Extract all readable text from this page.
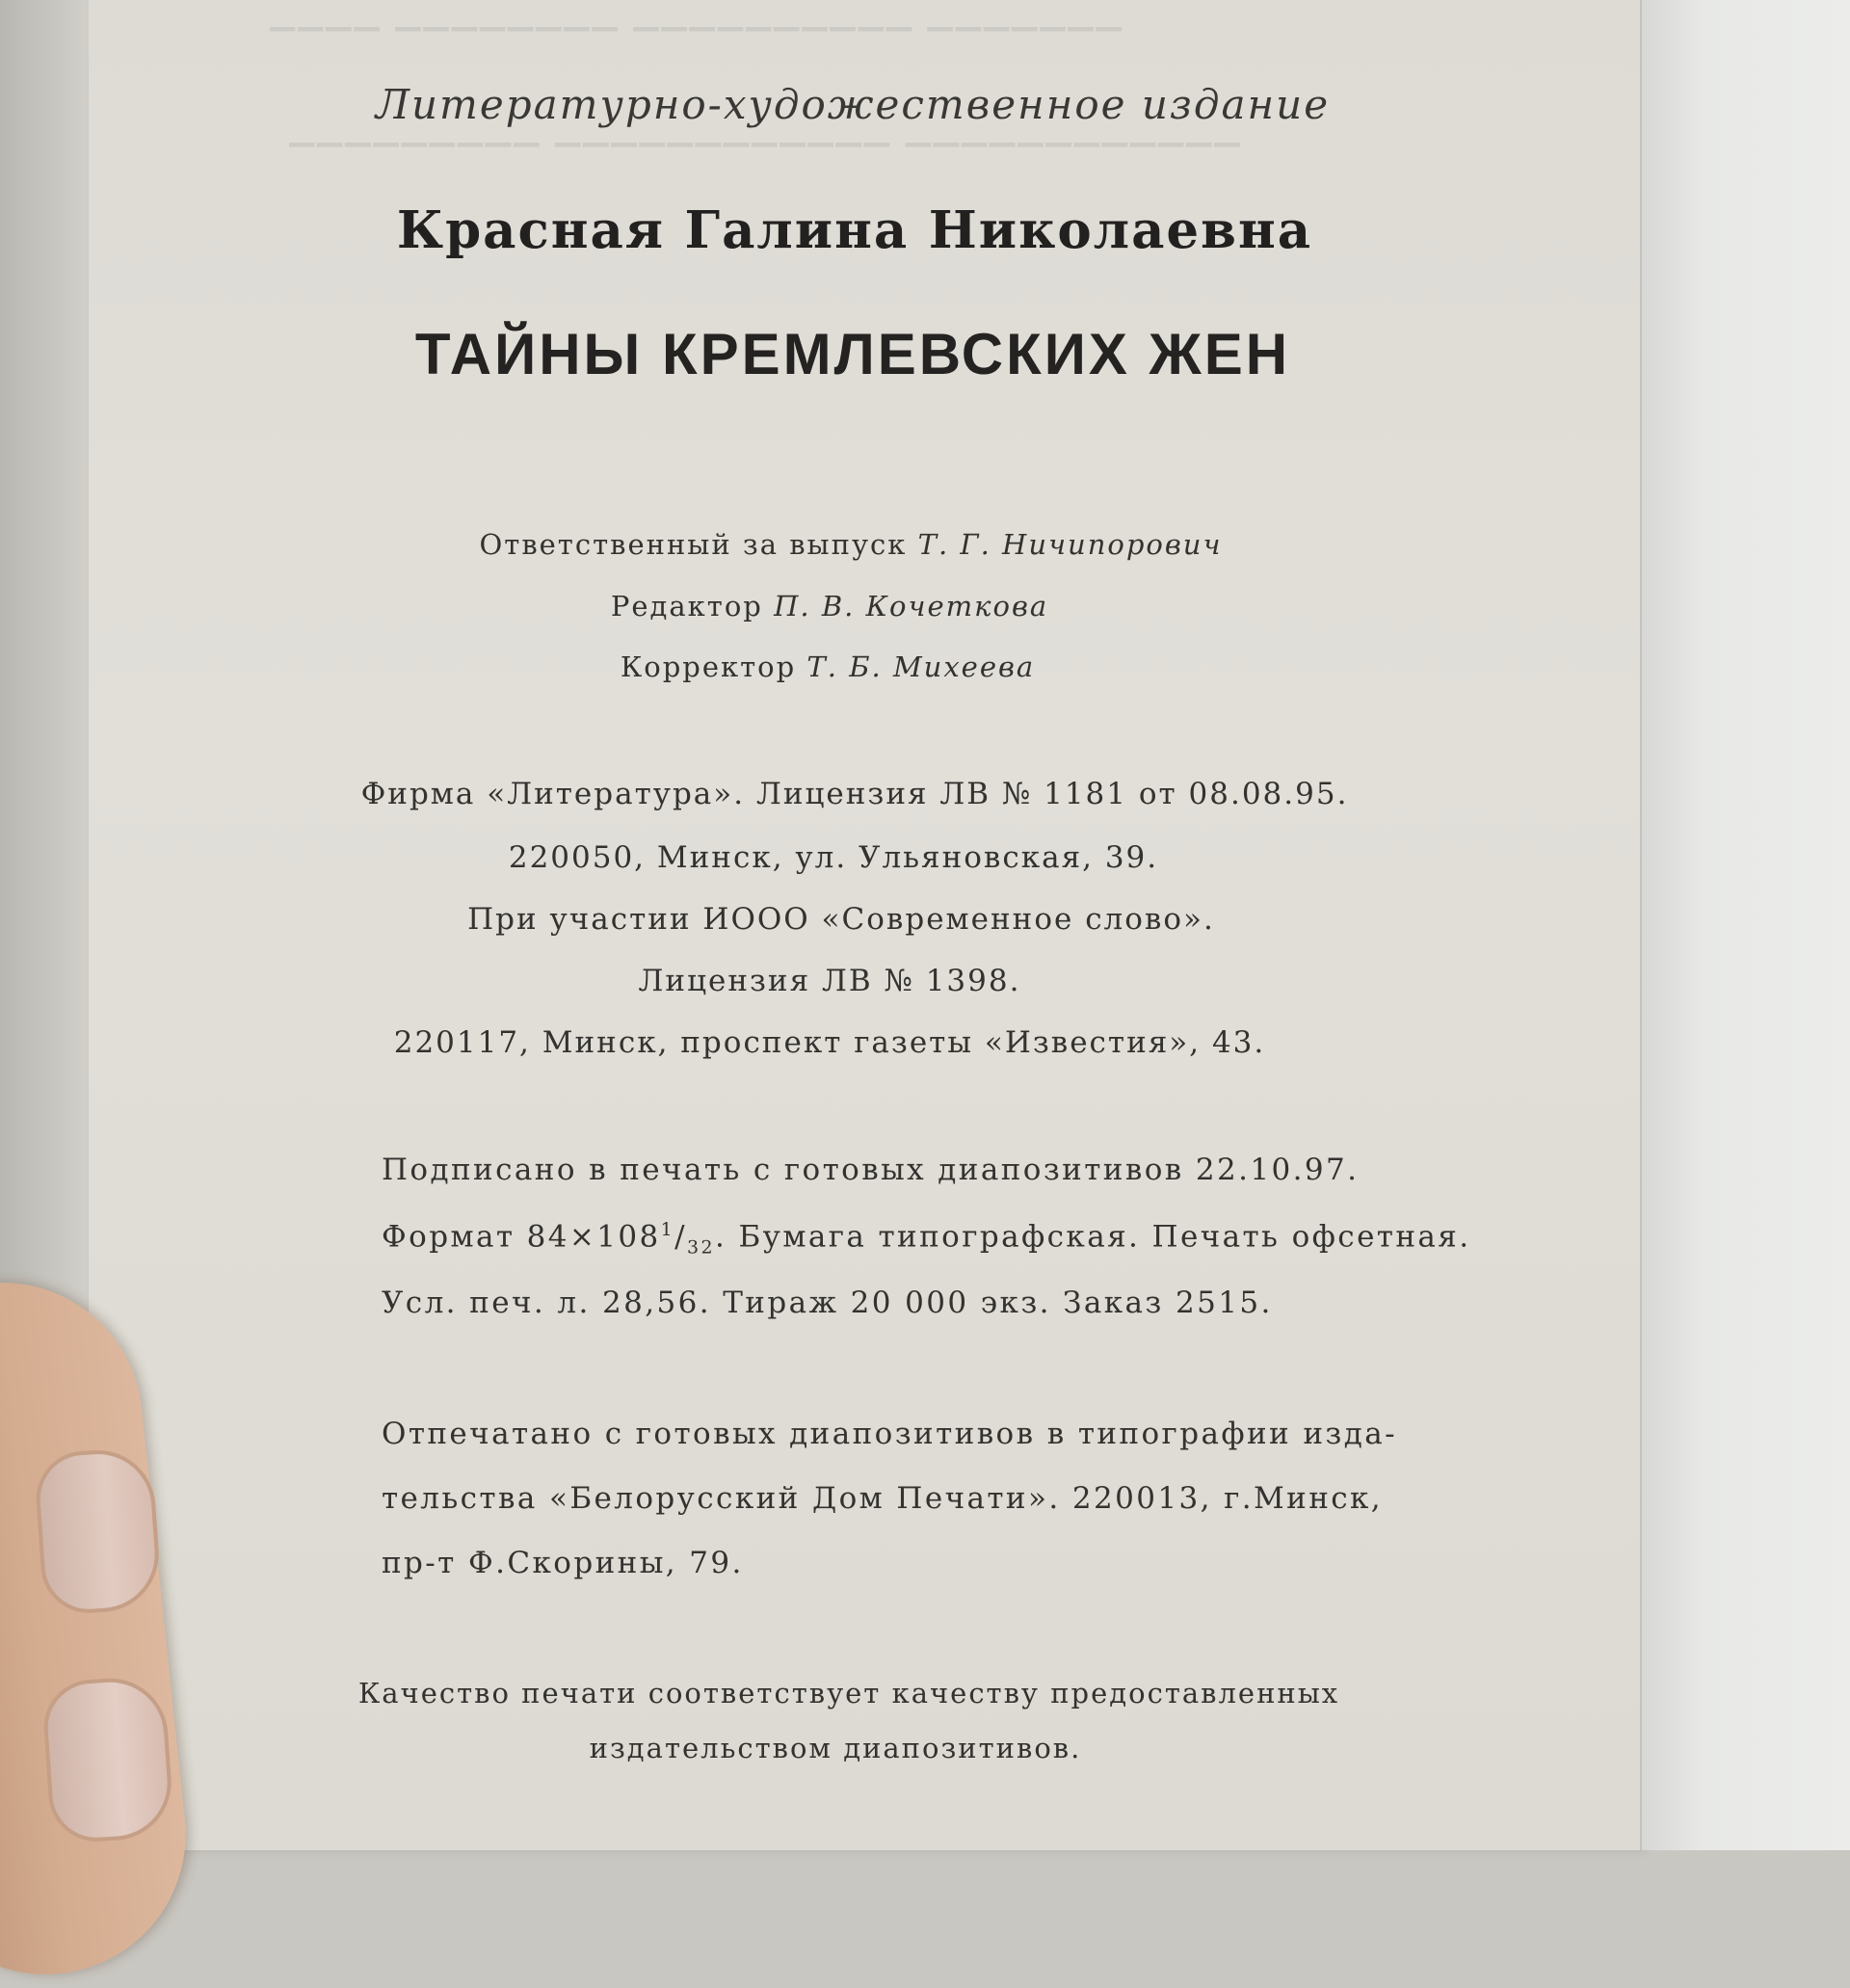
▔▔▔▔ ▔▔▔▔▔▔▔▔ ▔▔▔▔▔▔▔▔▔▔ ▔▔▔▔▔▔▔
▔▔▔▔▔▔▔▔▔ ▔▔▔▔▔▔▔▔▔▔▔▔ ▔▔▔▔▔▔▔▔▔▔▔▔
Литературно-художественное издание
Красная Галина Николаевна
ТАЙНЫ КРЕМЛЕВСКИХ ЖЕН
Ответственный за выпуск Т. Г. Ничипорович
Редактор П. В. Кочеткова
Корректор Т. Б. Михеева
Фирма «Литература». Лицензия ЛВ № 1181 от 08.08.95.
220050, Минск, ул. Ульяновская, 39.
При участии ИООО «Современное слово».
Лицензия ЛВ № 1398.
220117, Минск, проспект газеты «Известия», 43.
Подписано в печать с готовых диапозитивов 22.10.97.
Формат $84\times 108^1/_{32}$. Бумага типографская. Печать офсетная.
Усл. печ. л. 28,56. Тираж 20 000 экз. Заказ 2515.
Отпечатано с готовых диапозитивов в типографии изда-
тельства «Белорусский Дом Печати». 220013, г.Минск,
пр-т Ф.Скорины, 79.
Качество печати соответствует качеству предоставленных
издательством диапозитивов.
